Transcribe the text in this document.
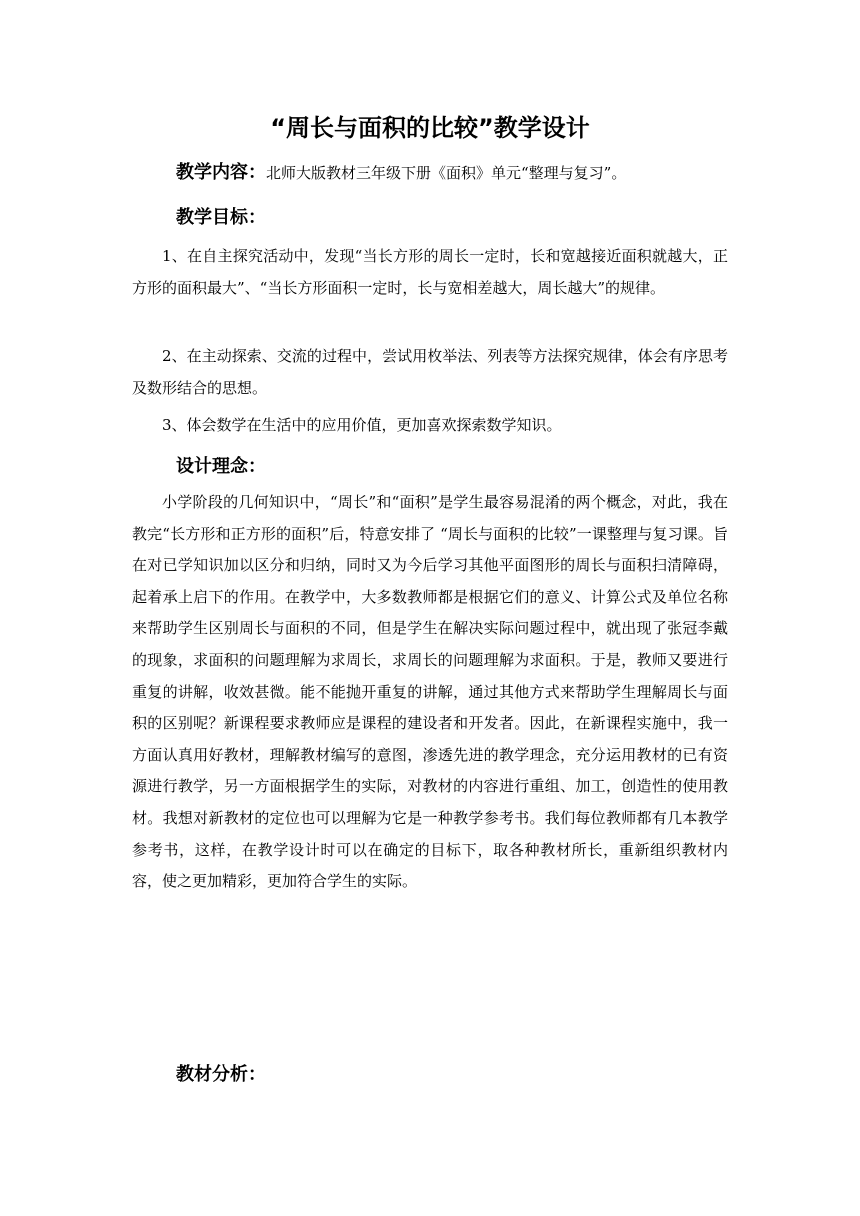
“周长与面积的比较”教学设计
教学内容：北师大版教材三年级下册《面积》单元“整理与复习”。
教学目标：

1、在自主探究活动中，发现“当长方形的周长一定时，长和宽越接近面积就越大，正方形的面积最大”、“当长方形面积一定时，长与宽相差越大，周长越大”的规律。

2、在主动探索、交流的过程中，尝试用枚举法、列表等方法探究规律，体会有序思考及数形结合的思想。

3、体会数学在生活中的应用价值，更加喜欢探索数学知识。

设计理念：

小学阶段的几何知识中，“周长”和“面积”是学生最容易混淆的两个概念，对此，我在教完“长方形和正方形的面积”后，特意安排了 “周长与面积的比较”一课整理与复习课。旨在对已学知识加以区分和归纳，同时又为今后学习其他平面图形的周长与面积扫清障碍，起着承上启下的作用。在教学中，大多数教师都是根据它们的意义、计算公式及单位名称来帮助学生区别周长与面积的不同，但是学生在解决实际问题过程中，就出现了张冠李戴的现象，求面积的问题理解为求周长，求周长的问题理解为求面积。于是，教师又要进行重复的讲解，收效甚微。能不能抛开重复的讲解，通过其他方式来帮助学生理解周长与面积的区别呢？新课程要求教师应是课程的建设者和开发者。因此，在新课程实施中，我一方面认真用好教材，理解教材编写的意图，渗透先进的教学理念，充分运用教材的已有资源进行教学，另一方面根据学生的实际，对教材的内容进行重组、加工，创造性的使用教材。我想对新教材的定位也可以理解为它是一种教学参考书。我们每位教师都有几本教学参考书，这样，在教学设计时可以在确定的目标下，取各种教材所长，重新组织教材内容，使之更加精彩，更加符合学生的实际。

教材分析：
